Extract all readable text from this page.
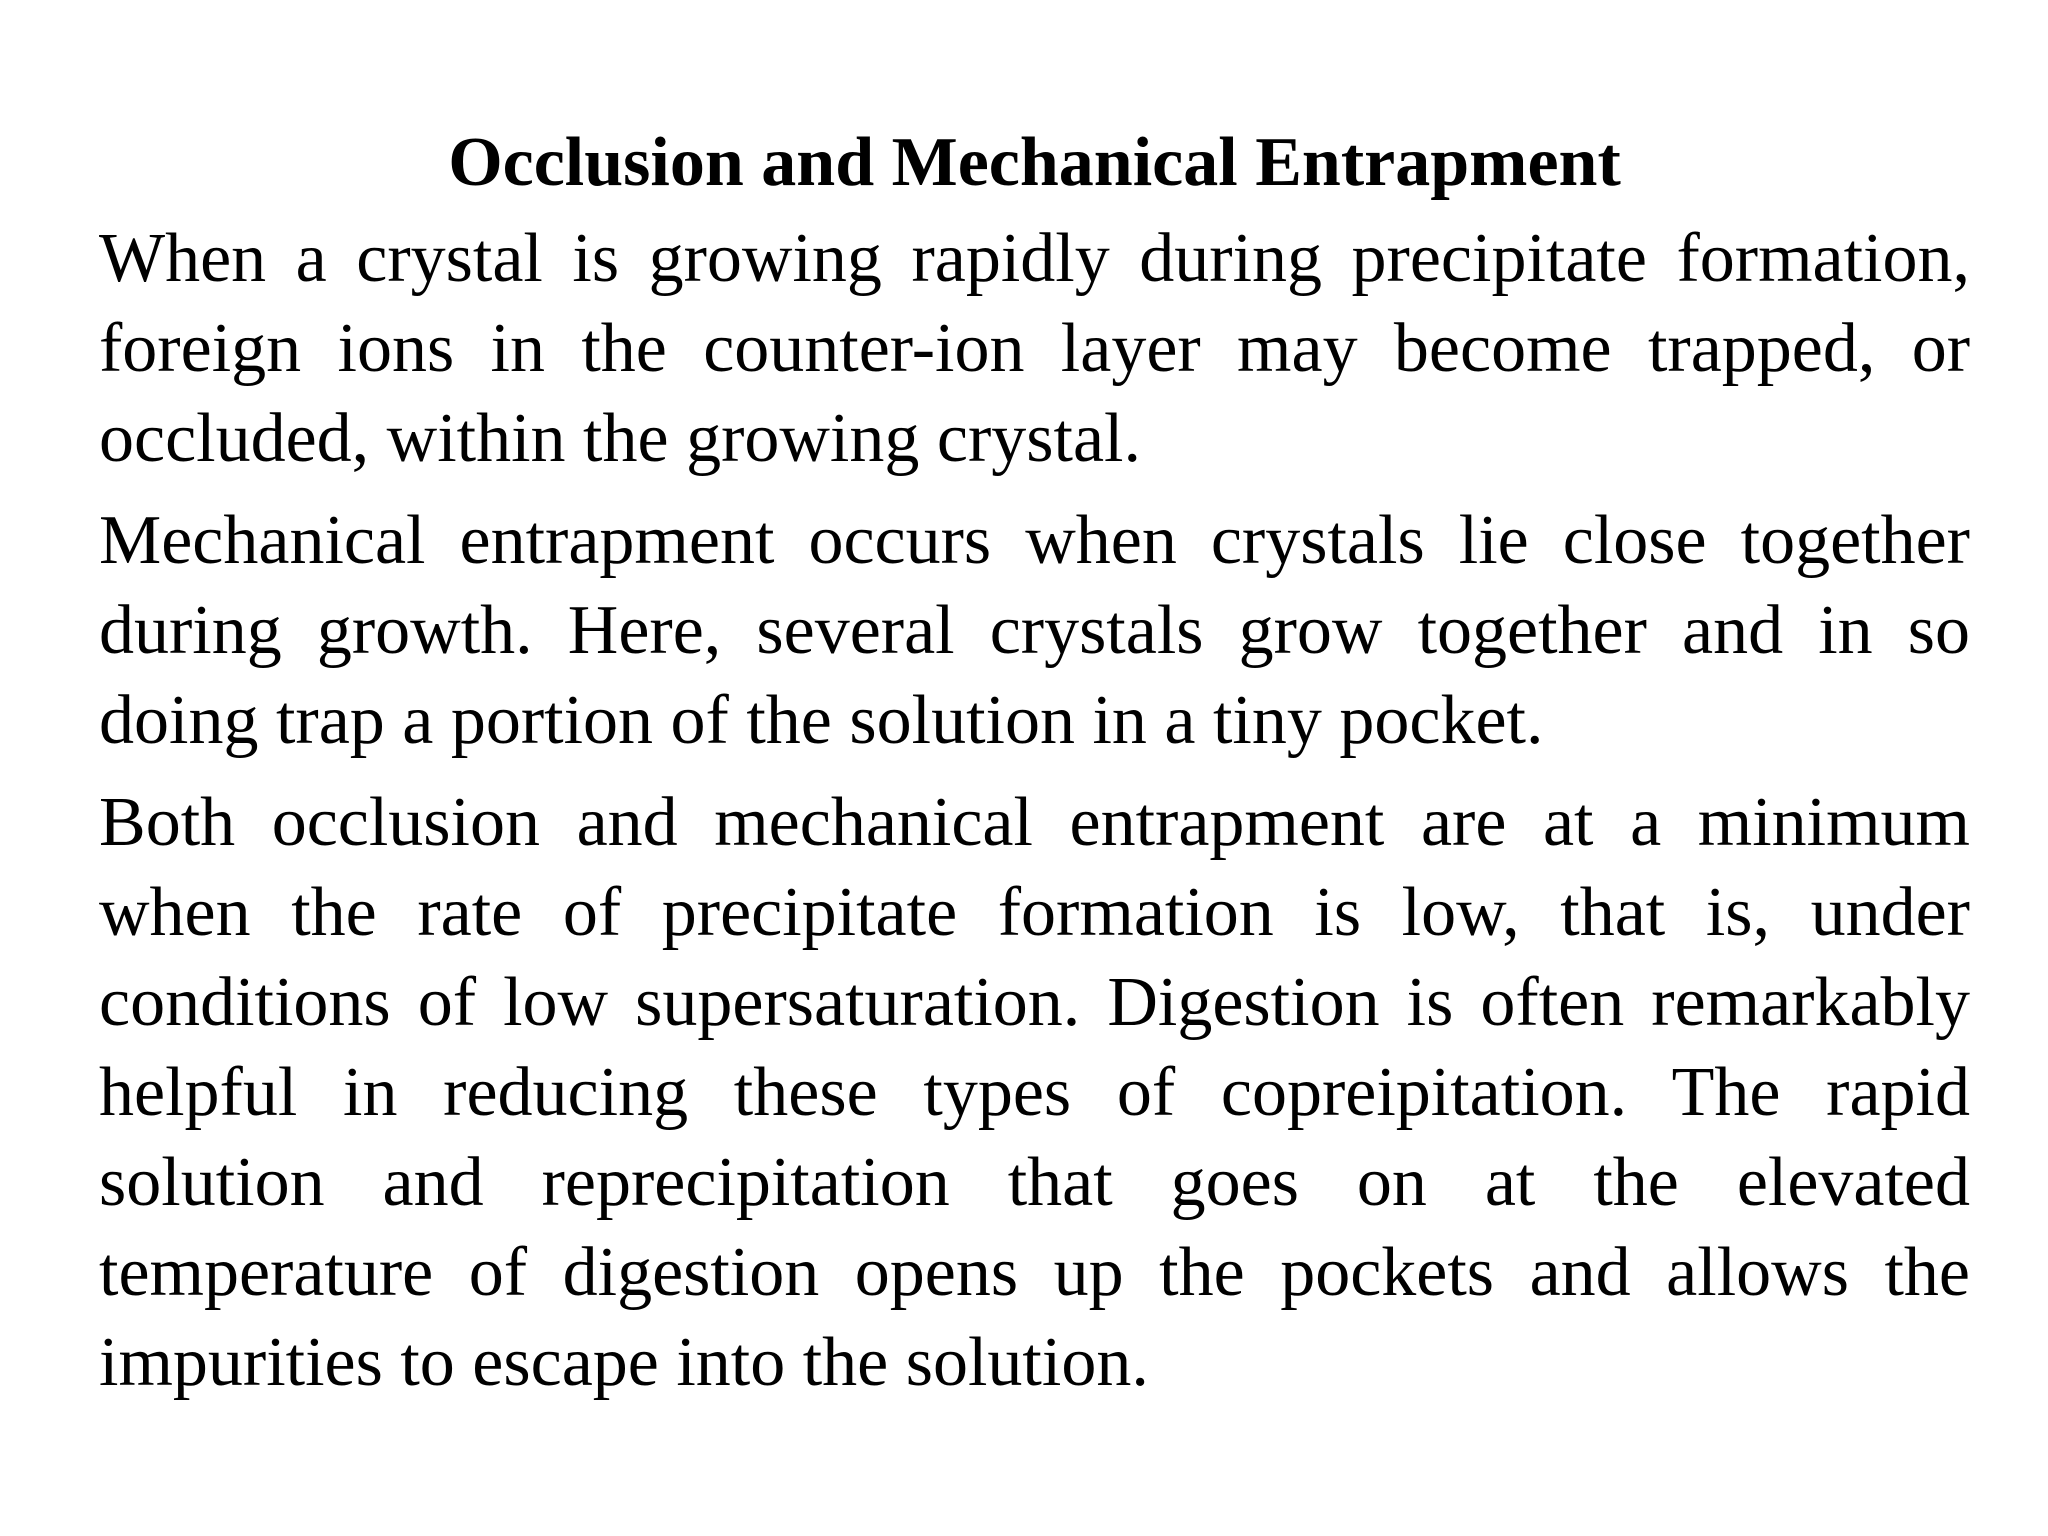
Occlusion and Mechanical Entrapment

When a crystal is growing rapidly during precipitate formation, foreign ions in the counter-ion layer may become trapped, or occluded, within the growing crystal.

Mechanical entrapment occurs when crystals lie close together during growth. Here, several crystals grow together and in so doing trap a portion of the solution in a tiny pocket.

Both occlusion and mechanical entrapment are at a minimum when the rate of precipitate formation is low, that is, under conditions of low supersaturation. Digestion is often remarkably helpful in reducing these types of copreipitation. The rapid solution and reprecipitation that goes on at the elevated temperature of digestion opens up the pockets and allows the impurities to escape into the solution.
